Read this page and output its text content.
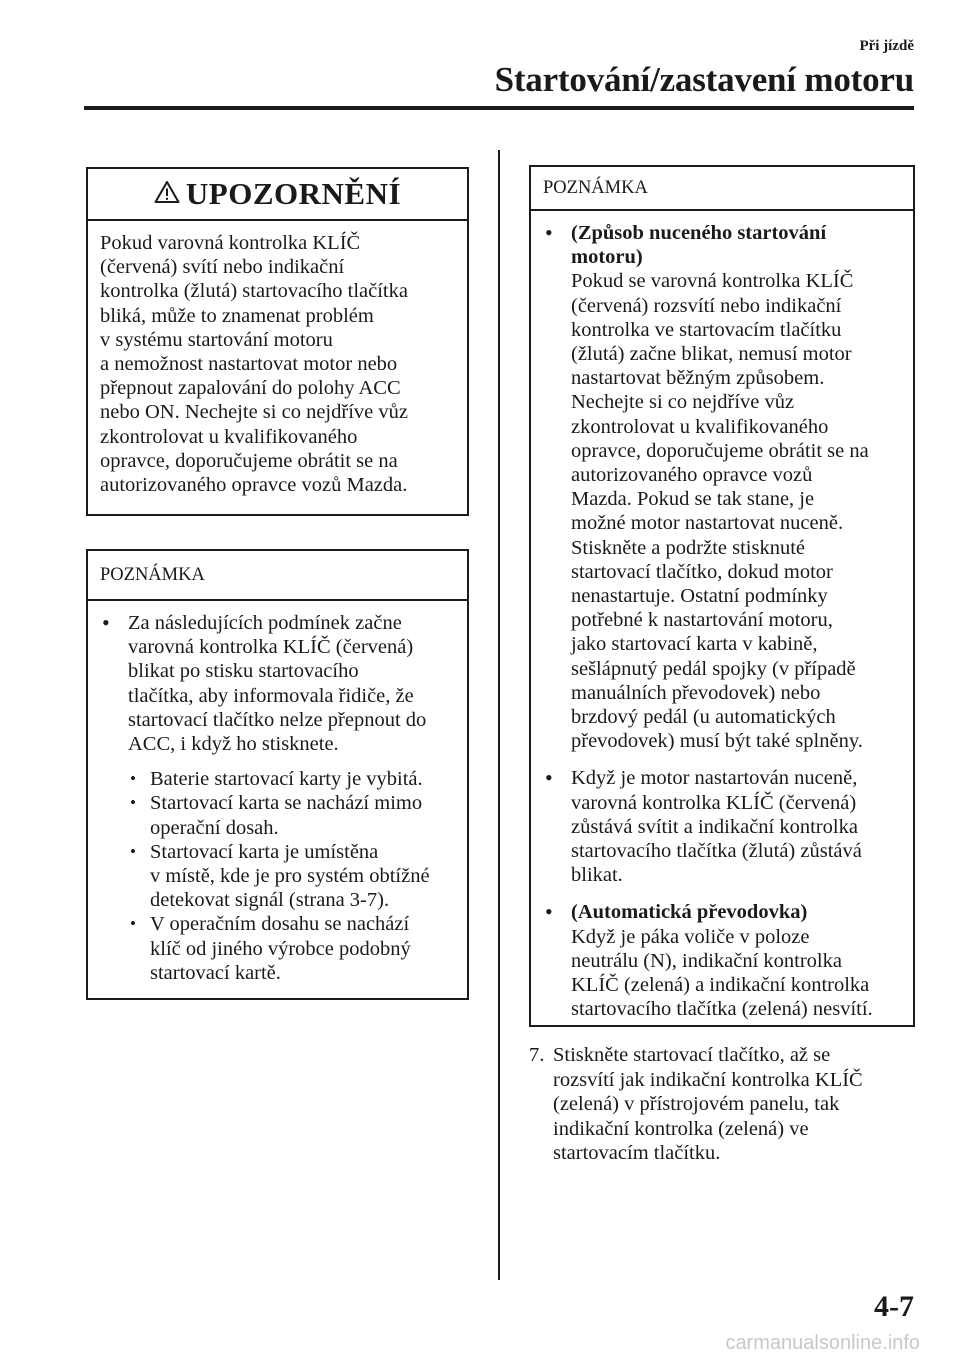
Při jízdě
Startování/zastavení motoru
UPOZORNĚNÍ
Pokud varovná kontrolka KLÍČ
(červená) svítí nebo indikační
kontrolka (žlutá) startovacího tlačítka
bliká, může to znamenat problém
v systému startování motoru
a nemožnost nastartovat motor nebo
přepnout zapalování do polohy ACC
nebo ON. Nechejte si co nejdříve vůz
zkontrolovat u kvalifikovaného
opravce, doporučujeme obrátit se na
autorizovaného opravce vozů Mazda.
POZNÁMKA
• Za následujících podmínek začne
varovná kontrolka KLÍČ (červená)
blikat po stisku startovacího
tlačítka, aby informovala řidiče, že
startovací tlačítko nelze přepnout do
ACC, i když ho stisknete.
• Baterie startovací karty je vybitá.
• Startovací karta se nachází mimo
operační dosah.
• Startovací karta je umístěna
v místě, kde je pro systém obtížné
detekovat signál (strana 3-7).
• V operačním dosahu se nachází
klíč od jiného výrobce podobný
startovací kartě.
POZNÁMKA
• (Způsob nuceného startování
motoru)
Pokud se varovná kontrolka KLÍČ
(červená) rozsvítí nebo indikační
kontrolka ve startovacím tlačítku
(žlutá) začne blikat, nemusí motor
nastartovat běžným způsobem.
Nechejte si co nejdříve vůz
zkontrolovat u kvalifikovaného
opravce, doporučujeme obrátit se na
autorizovaného opravce vozů
Mazda. Pokud se tak stane, je
možné motor nastartovat nuceně.
Stiskněte a podržte stisknuté
startovací tlačítko, dokud motor
nenastartuje. Ostatní podmínky
potřebné k nastartování motoru,
jako startovací karta v kabině,
sešlápnutý pedál spojky (v případě
manuálních převodovek) nebo
brzdový pedál (u automatických
převodovek) musí být také splněny.
• Když je motor nastartován nuceně,
varovná kontrolka KLÍČ (červená)
zůstává svítit a indikační kontrolka
startovacího tlačítka (žlutá) zůstává
blikat.
• (Automatická převodovka)
Když je páka voliče v poloze
neutrálu (N), indikační kontrolka
KLÍČ (zelená) a indikační kontrolka
startovacího tlačítka (zelená) nesvítí.
7. Stiskněte startovací tlačítko, až se
rozsvítí jak indikační kontrolka KLÍČ
(zelená) v přístrojovém panelu, tak
indikační kontrolka (zelená) ve
startovacím tlačítku.
4-7
carmanualsonline.info
